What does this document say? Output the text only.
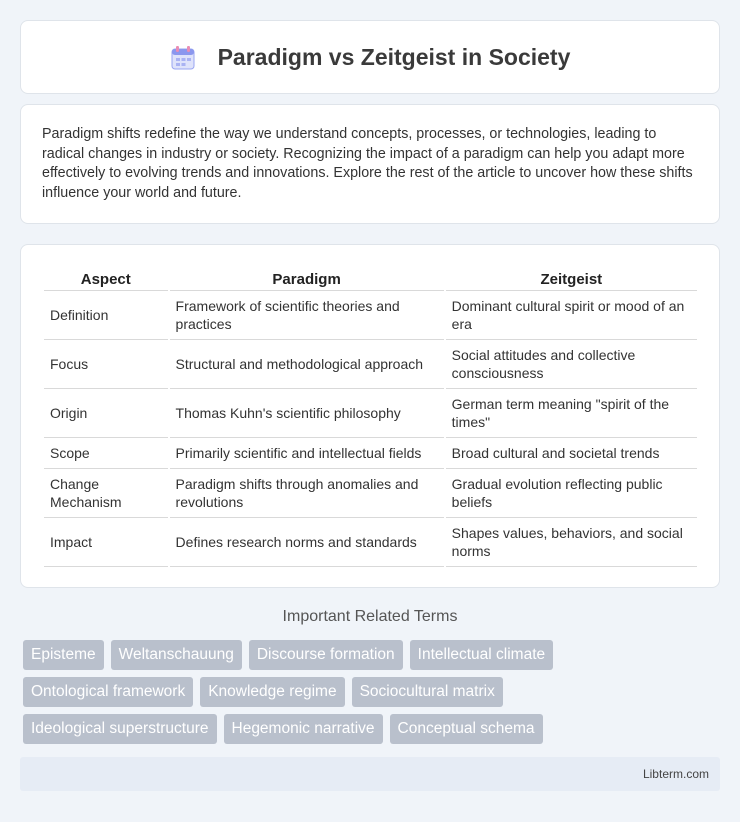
Paradigm vs Zeitgeist in Society

Paradigm shifts redefine the way we understand concepts, processes, or technologies, leading to radical changes in industry or society. Recognizing the impact of a paradigm can help you adapt more effectively to evolving trends and innovations. Explore the rest of the article to uncover how these shifts influence your world and future.

Aspect	Paradigm	Zeitgeist
Definition	Framework of scientific theories and practices	Dominant cultural spirit or mood of an era
Focus	Structural and methodological approach	Social attitudes and collective consciousness
Origin	Thomas Kuhn's scientific philosophy	German term meaning "spirit of the times"
Scope	Primarily scientific and intellectual fields	Broad cultural and societal trends
Change Mechanism	Paradigm shifts through anomalies and revolutions	Gradual evolution reflecting public beliefs
Impact	Defines research norms and standards	Shapes values, behaviors, and social norms
Important Related Terms
Episteme	Weltanschauung	Discourse formation	Intellectual climate
Ontological framework	Knowledge regime	Sociocultural matrix
Ideological superstructure	Hegemonic narrative	Conceptual schema
Libterm.com
